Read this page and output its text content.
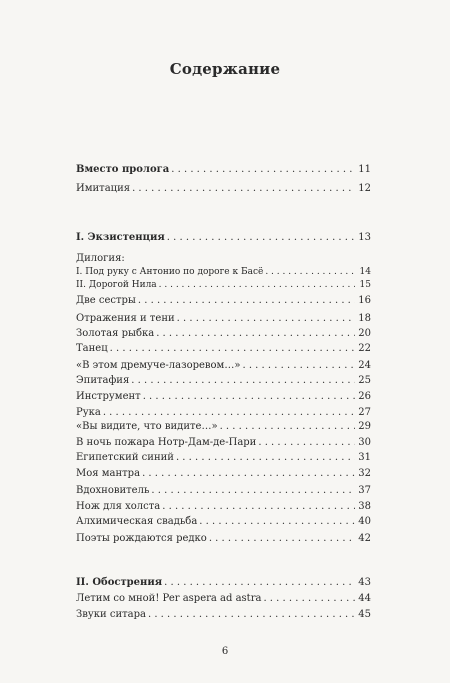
Содержание
Вместо пролога . . .	11
Имитация . . .	12
I. Экзистенция . . .	13
Дилогия:
I. Под руку с Антонио по дороге к Басё . . .	14
II. Дорогой Нила . . .	15
Две сестры . . .	16
Отражения и тени . . .	18
Золотая рыбка . . .	20
Танец . . .	22
«В этом дремуче-лазоревом…» . . .	24
Эпитафия . . .	25
Инструмент . . .	26
Рука . . .	27
«Вы видите, что видите…» . . .	29
В ночь пожара Нотр-Дам-де-Пари . . .	30
Египетский синий . . .	31
Моя мантра . . .	32
Вдохновитель . . .	37
Нож для холста . . .	38
Алхимическая свадьба . . .	40
Поэты рождаются редко . . .	42
II. Обострения . . .	43
Летим со мной! Per aspera ad astra . . .	44
Звуки ситара . . .	45
6
